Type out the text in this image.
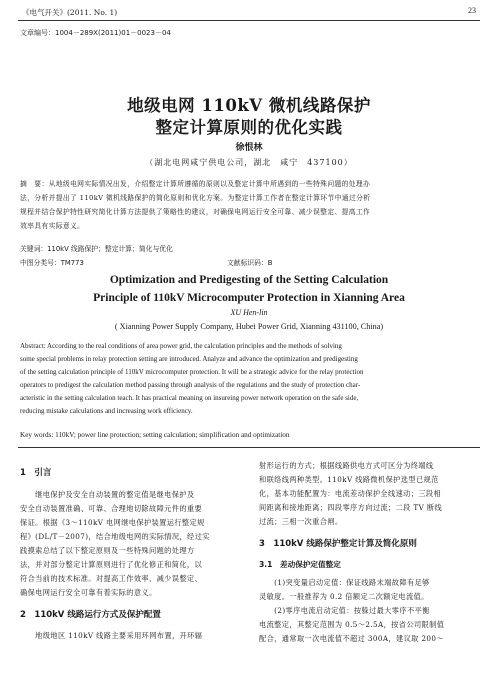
《电气开关》(2011. No. 1)	23
文章编号：1004－289X(2011)01－0023－04
地级电网 110kV 微机线路保护
整定计算原则的优化实践
徐恨林
（湖北电网咸宁供电公司，湖北　咸宁　437100）
摘　要：从地级电网实际情况出发，介绍整定计算所遵循的原则以及整定计算中所遇到的一些特殊问题的处理办
法，分析并提出了 110kV 微机线路保护的简化原则和优化方案。为整定计算工作者在整定计算环节中通过分析
规程并结合保护特性研究简化计算方法提供了策略性的建议，对确保电网运行安全可靠、减少误整定、提高工作
效率具有实际意义。
关键词：110kV 线路保护；整定计算；简化与优化
中图分类号：TM773	文献标识码：B
Optimization and Predigesting of the Setting Calculation
Principle of 110kV Microcomputer Protection in Xianning Area
XU Hen-lin
( Xianning Power Supply Company, Hubei Power Grid, Xianning 431100, China)
Abstract: According to the real conditions of area power grid, the calculation principles and the methods of solving
some special problems in relay protection setting are introduced. Analyze and advance the optimization and predigesting
of the setting calculation principle of 110kV microcomputer protection. It will be a strategic advice for the relay protection
operators to predigest the calculation method passing through analysis of the regulations and the study of protection char-
acteristic in the setting calculation teach. It has practical meaning on insureing power network operation on the safe side,
reducing mistake calculations and increasing work efficiency.
Key words: 110kV; power line protection; setting calculation; simplification and optimization
1　引言
　　继电保护及安全自动装置的整定值是继电保护及
安全自动装置准确、可靠、合理地切除故障元件的重要
保证。根据《3～110kV 电网继电保护装置运行整定规
程》(DL/T－2007)，结合地级电网的实际情况，经过实
践摸索总结了以下整定原则及一些特殊问题的处理方
法，并对部分整定计算原则进行了优化修正和简化，以
符合当前的技术标准。对提高工作效率、减少误整定、
确保电网运行安全可靠有着实际的意义。
2　110kV 线路运行方式及保护配置
　　地级地区 110kV 线路主要采用环网布置，开环辐
射形运行的方式；根据线路供电方式可区分为终端线
和联络线两种类型。110kV 线路微机保护选型已规范
化，基本功能配置为：电流差动保护全线速动；三段相
间距离和接地距离；四段零序方向过流；二段 TV 断线
过流；三相一次重合闸。
3　110kV 线路保护整定计算及简化原则
3.1　差动保护定值整定
　　(1)突变量启动定值：保证线路末端故障有足够
灵敏度。一般推荐为 0.2 倍额定二次额定电流值。
　　(2)零序电流启动定值：按躲过最大零序不平衡
电流整定，其整定范围为 0.5～2.5A，按省公司限制值
配合，通常取一次电流值不超过 300A，建议取 200～
